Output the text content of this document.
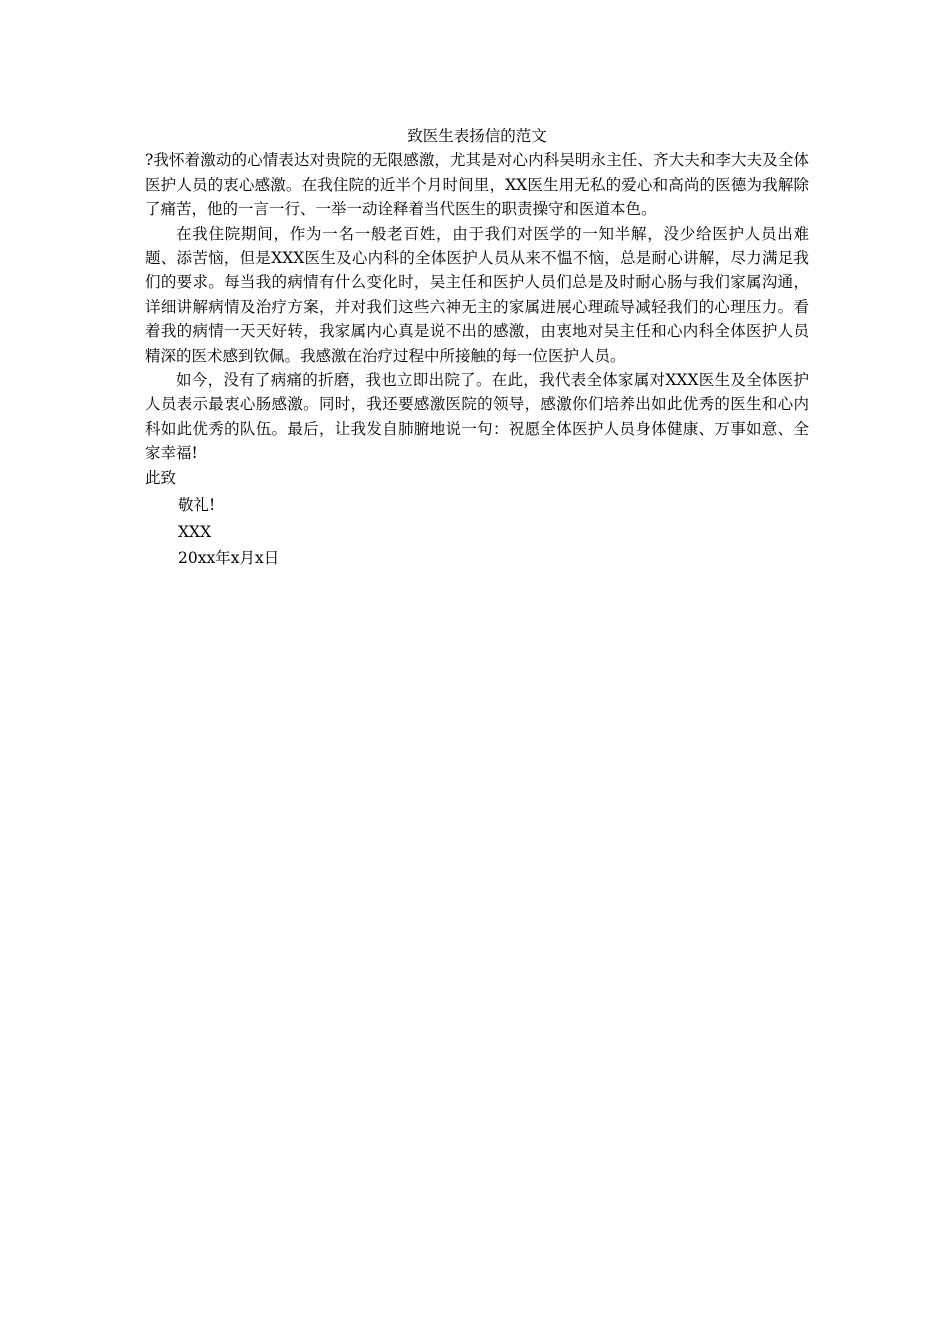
致医生表扬信的范文

?我怀着激动的心情表达对贵院的无限感激，尤其是对心内科吴明永主任、齐大夫和李大夫及全体医护人员的衷心感激。在我住院的近半个月时间里，XX医生用无私的爱心和高尚的医德为我解除了痛苦，他的一言一行、一举一动诠释着当代医生的职责操守和医道本色。

在我住院期间，作为一名一般老百姓，由于我们对医学的一知半解，没少给医护人员出难题、添苦恼，但是XXX医生及心内科的全体医护人员从来不愠不恼，总是耐心讲解，尽力满足我们的要求。每当我的病情有什么变化时，吴主任和医护人员们总是及时耐心肠与我们家属沟通，详细讲解病情及治疗方案，并对我们这些六神无主的家属进展心理疏导减轻我们的心理压力。看着我的病情一天天好转，我家属内心真是说不出的感激，由衷地对吴主任和心内科全体医护人员精深的医术感到钦佩。我感激在治疗过程中所接触的每一位医护人员。

如今，没有了病痛的折磨，我也立即出院了。在此，我代表全体家属对XXX医生及全体医护人员表示最衷心肠感激。同时，我还要感激医院的领导，感激你们培养出如此优秀的医生和心内科如此优秀的队伍。最后，让我发自肺腑地说一句：祝愿全体医护人员身体健康、万事如意、全家幸福!

此致

敬礼!

XXX

20xx年x月x日
